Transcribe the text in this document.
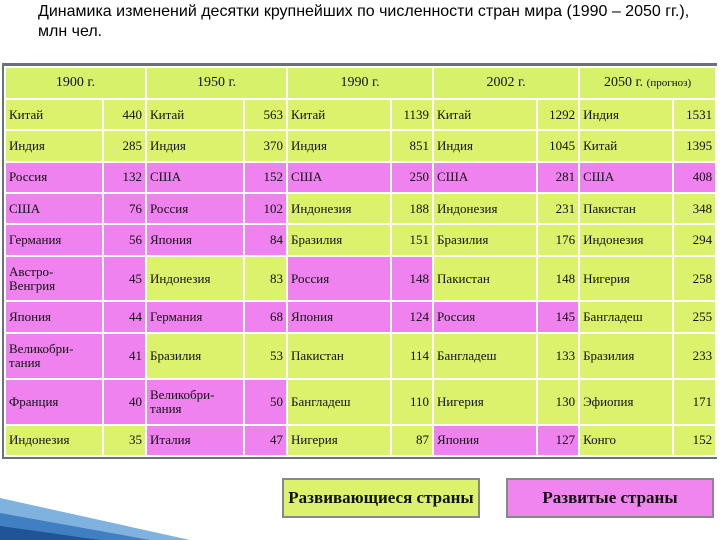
Динамика изменений десятки крупнейших по численности стран мира (1990 – 2050 гг.), млн чел.
1900 г.		1950 г.		1990 г.		2002 г.		2050 г. (прогноз)	
Китай	440	Китай	563	Китай	1139	Китай	1292	Индия	1531
Индия	285	Индия	370	Индия	851	Индия	1045	Китай	1395
Россия	132	США	152	США	250	США	281	США	408
США	76	Россия	102	Индонезия	188	Индонезия	231	Пакистан	348
Германия	56	Япония	84	Бразилия	151	Бразилия	176	Индонезия	294
Австро-Венгрия	45	Индонезия	83	Россия	148	Пакистан	148	Нигерия	258
Япония	44	Германия	68	Япония	124	Россия	145	Бангладеш	255
Великобри-тания	41	Бразилия	53	Пакистан	114	Бангладеш	133	Бразилия	233
Франция	40	Великобри-тания	50	Бангладеш	110	Нигерия	130	Эфиопия	171
Индонезия	35	Италия	47	Нигерия	87	Япония	127	Конго	152
Развивающиеся страны	Развитые страны
